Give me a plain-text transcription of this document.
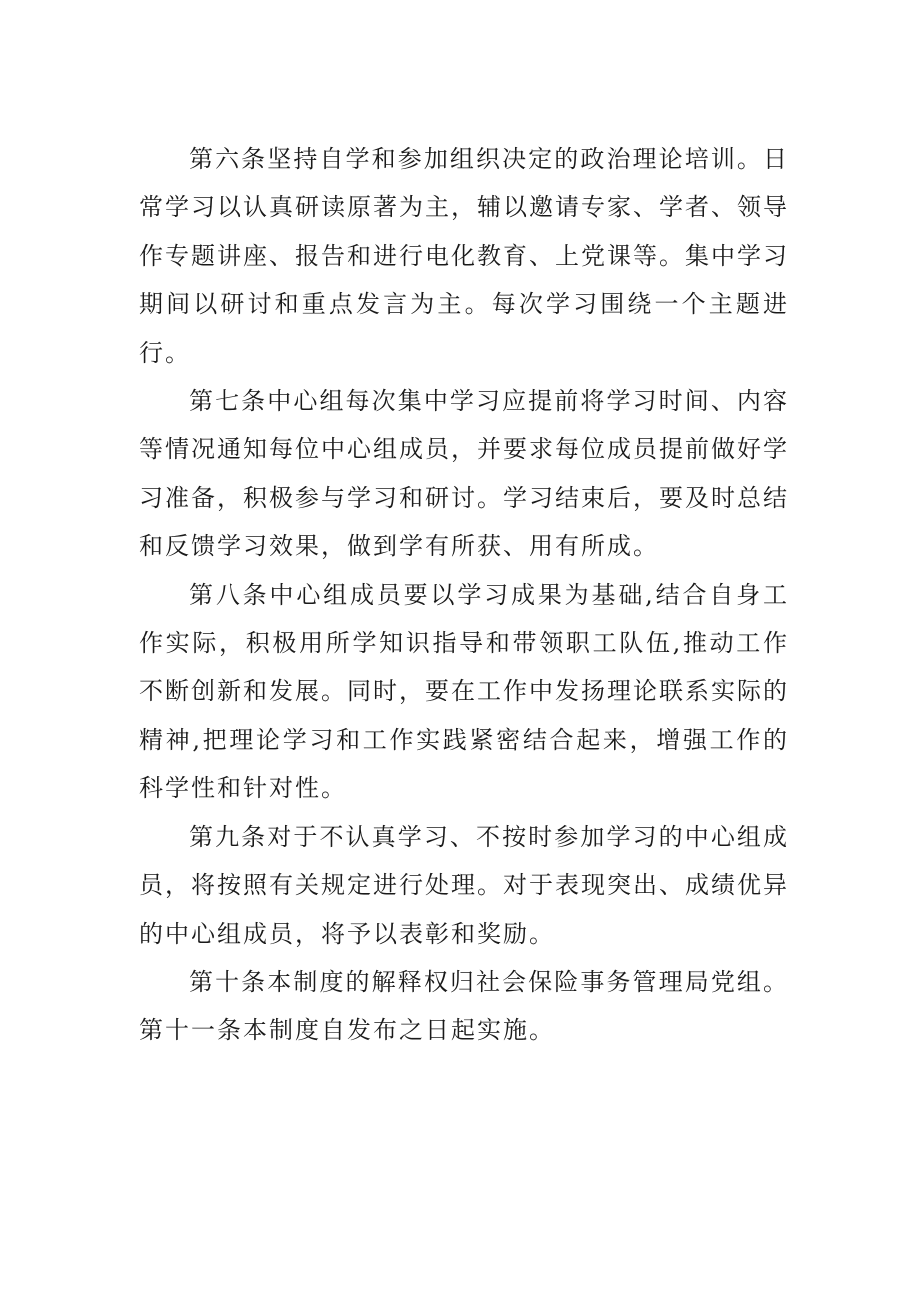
第六条坚持自学和参加组织决定的政治理论培训。日常学习以认真研读原著为主，辅以邀请专家、学者、领导作专题讲座、报告和进行电化教育、上党课等。集中学习期间以研讨和重点发言为主。每次学习围绕一个主题进行。

第七条中心组每次集中学习应提前将学习时间、内容等情况通知每位中心组成员，并要求每位成员提前做好学习准备，积极参与学习和研讨。学习结束后，要及时总结和反馈学习效果，做到学有所获、用有所成。

第八条中心组成员要以学习成果为基础,结合自身工作实际，积极用所学知识指导和带领职工队伍,推动工作不断创新和发展。同时，要在工作中发扬理论联系实际的精神,把理论学习和工作实践紧密结合起来，增强工作的科学性和针对性。

第九条对于不认真学习、不按时参加学习的中心组成员，将按照有关规定进行处理。对于表现突出、成绩优异的中心组成员，将予以表彰和奖励。

第十条本制度的解释权归社会保险事务管理局党组。第十一条本制度自发布之日起实施。
